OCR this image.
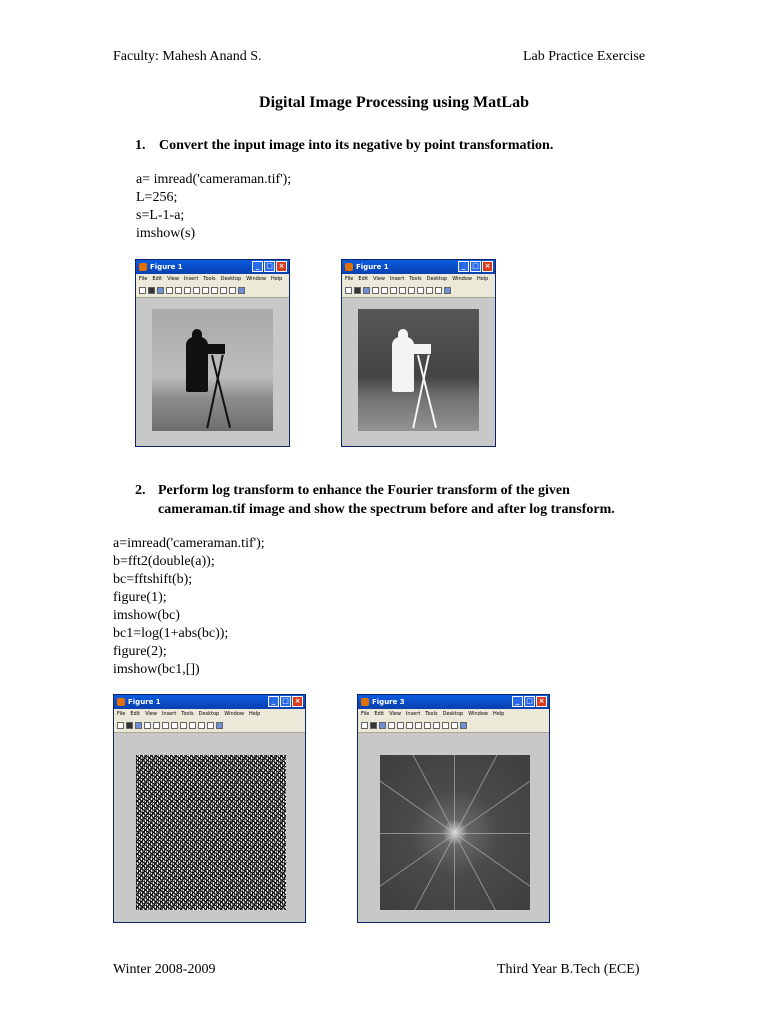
Faculty: Mahesh Anand S.	Lab Practice Exercise
Digital Image Processing using MatLab
1. Convert the input image into its negative by point transformation.
a= imread('cameraman.tif');
L=256;
s=L-1-a;
imshow(s)
Figure 1	_ □ ×
File Edit View Insert Tools Desktop Window Help
Figure 1	_ □ ×
File Edit View Insert Tools Desktop Window Help
2. Perform log transform to enhance the Fourier transform of the given
cameraman.tif image and show the spectrum before and after log transform.
a=imread('cameraman.tif');
b=fft2(double(a));
bc=fftshift(b);
figure(1);
imshow(bc)
bc1=log(1+abs(bc));
figure(2);
imshow(bc1,[])
Figure 1	_ □ ×
File Edit View Insert Tools Desktop Window Help
Figure 3	_ □ ×
File Edit View Insert Tools Desktop Window Help
Winter 2008-2009	Third Year B.Tech (ECE)
